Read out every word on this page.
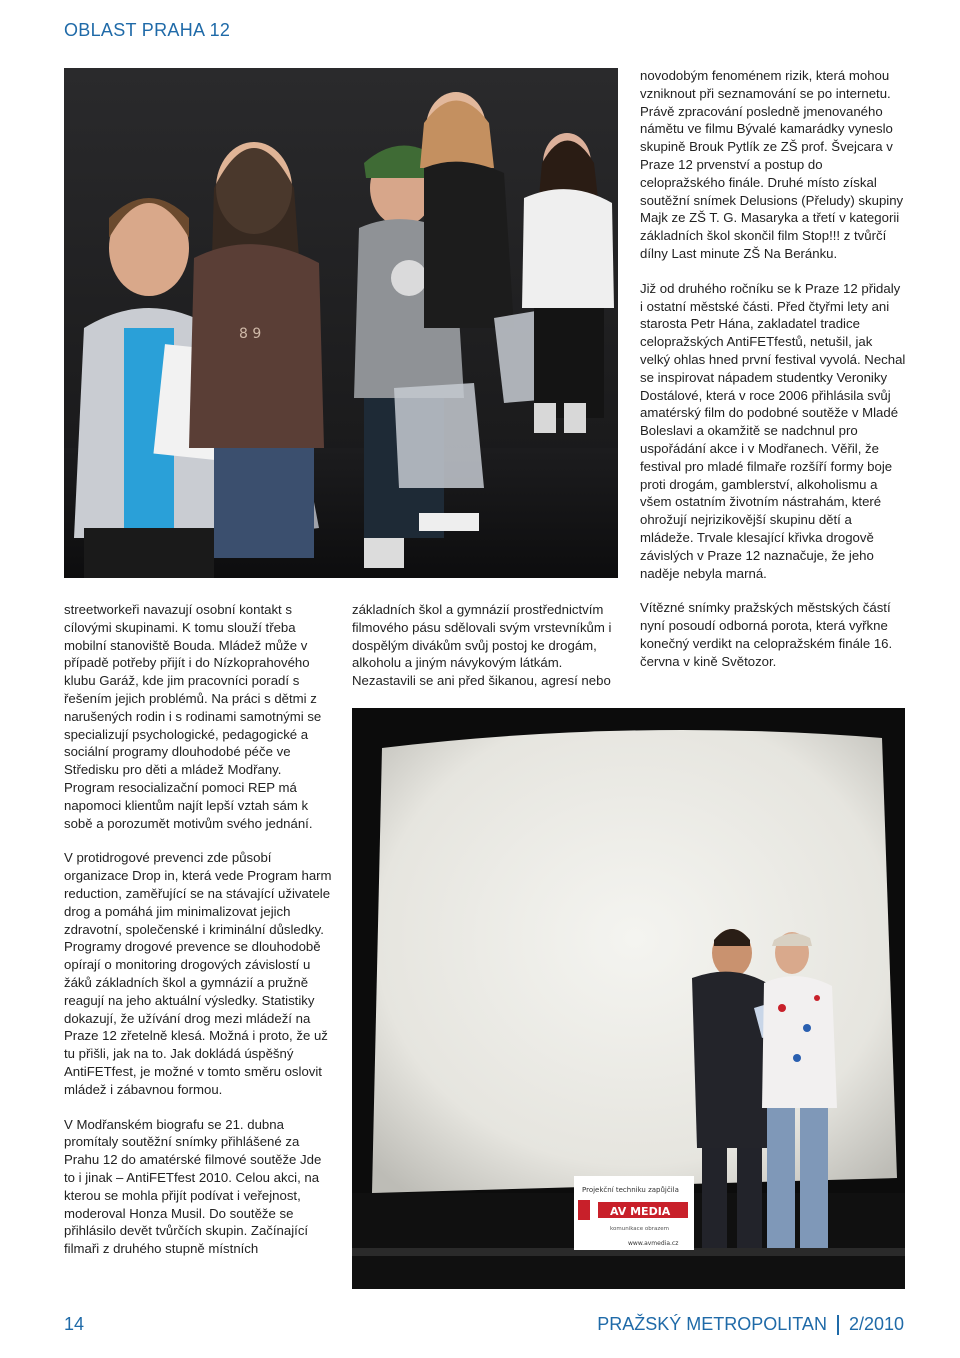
OBLAST PRAHA 12
8 9
Projekční techniku zapůjčila
AV MEDIA
komunikace obrazem
www.avmedia.cz

streetworkeři navazují osobní kontakt s cílovými skupinami. K tomu slouží třeba mobilní stanoviště Bouda. Mládež může v případě potřeby přijít i do Nízkoprahového klubu Garáž, kde jim pracovníci poradí s řešením jejich problémů. Na práci s dětmi z narušených rodin i s rodinami samotnými se specializují psychologické, pedagogické a sociální programy dlouhodobé péče ve Středisku pro děti a mládež Modřany. Program resocializační pomoci REP má napomoci klientům najít lepší vztah sám k sobě a porozumět motivům svého jednání.

V protidrogové prevenci zde působí organizace Drop in, která vede Program harm reduction, zaměřující se na stávající uživatele drog a pomáhá jim minimalizovat jejich zdravotní, společenské i kriminální důsledky. Programy drogové prevence se dlouhodobě opírají o monitoring drogových závislostí u žáků základních škol a gymnázií a pružně reagují na jeho aktuální výsledky. Statistiky dokazují, že užívání drog mezi mládeží na Praze 12 zřetelně klesá. Možná i proto, že už tu přišli, jak na to. Jak dokládá úspěšný AntiFETfest, je možné v tomto směru oslovit mládež i zábavnou formou.

V Modřanském biografu se 21. dubna promítaly soutěžní snímky přihlášené za Prahu 12 do amatérské filmové soutěže Jde to i jinak – AntiFETfest 2010. Celou akci, na kterou se mohla přijít podívat i veřejnost, moderoval Honza Musil. Do soutěže se přihlásilo devět tvůrčích skupin. Začínající filmaři z druhého stupně místních

základních škol a gymnázií prostřednictvím filmového pásu sdělovali svým vrstevníkům i dospělým divákům svůj postoj ke drogám, alkoholu a jiným návykovým látkám. Nezastavili se ani před šikanou, agresí nebo

novodobým fenoménem rizik, která mohou vzniknout při seznamování se po internetu. Právě zpracování posledně jmenovaného námětu ve filmu Bývalé kamarádky vyneslo skupině Brouk Pytlík ze ZŠ prof. Švejcara v Praze 12 prvenství a postup do celopražského finále. Druhé místo získal soutěžní snímek Delusions (Přeludy) skupiny Majk ze ZŠ T. G. Masaryka a třetí v kategorii základních škol skončil film Stop!!! z tvůrčí dílny Last minute ZŠ Na Beránku.

Již od druhého ročníku se k Praze 12 přidaly i ostatní městské části. Před čtyřmi lety ani starosta Petr Hána, zakladatel tradice celopražských AntiFETfestů, netušil, jak velký ohlas hned první festival vyvolá. Nechal se inspirovat nápadem studentky Veroniky Dostálové, která v roce 2006 přihlásila svůj amatérský film do podobné soutěže v Mladé Boleslavi a okamžitě se nadchnul pro uspořádání akce i v Modřanech. Věřil, že festival pro mladé filmaře rozšíří formy boje proti drogám, gamblerství, alkoholismu a všem ostatním životním nástrahám, které ohrožují nejrizikovější skupinu dětí a mládeže. Trvale klesající křivka drogově závislých v Praze 12 naznačuje, že jeho naděje nebyla marná.

Vítězné snímky pražských městských částí nyní posoudí odborná porota, která vyřkne konečný verdikt na celopražském finále 16. června v kině Světozor.

14	PRAŽSKÝ METROPOLITAN 2/2010
